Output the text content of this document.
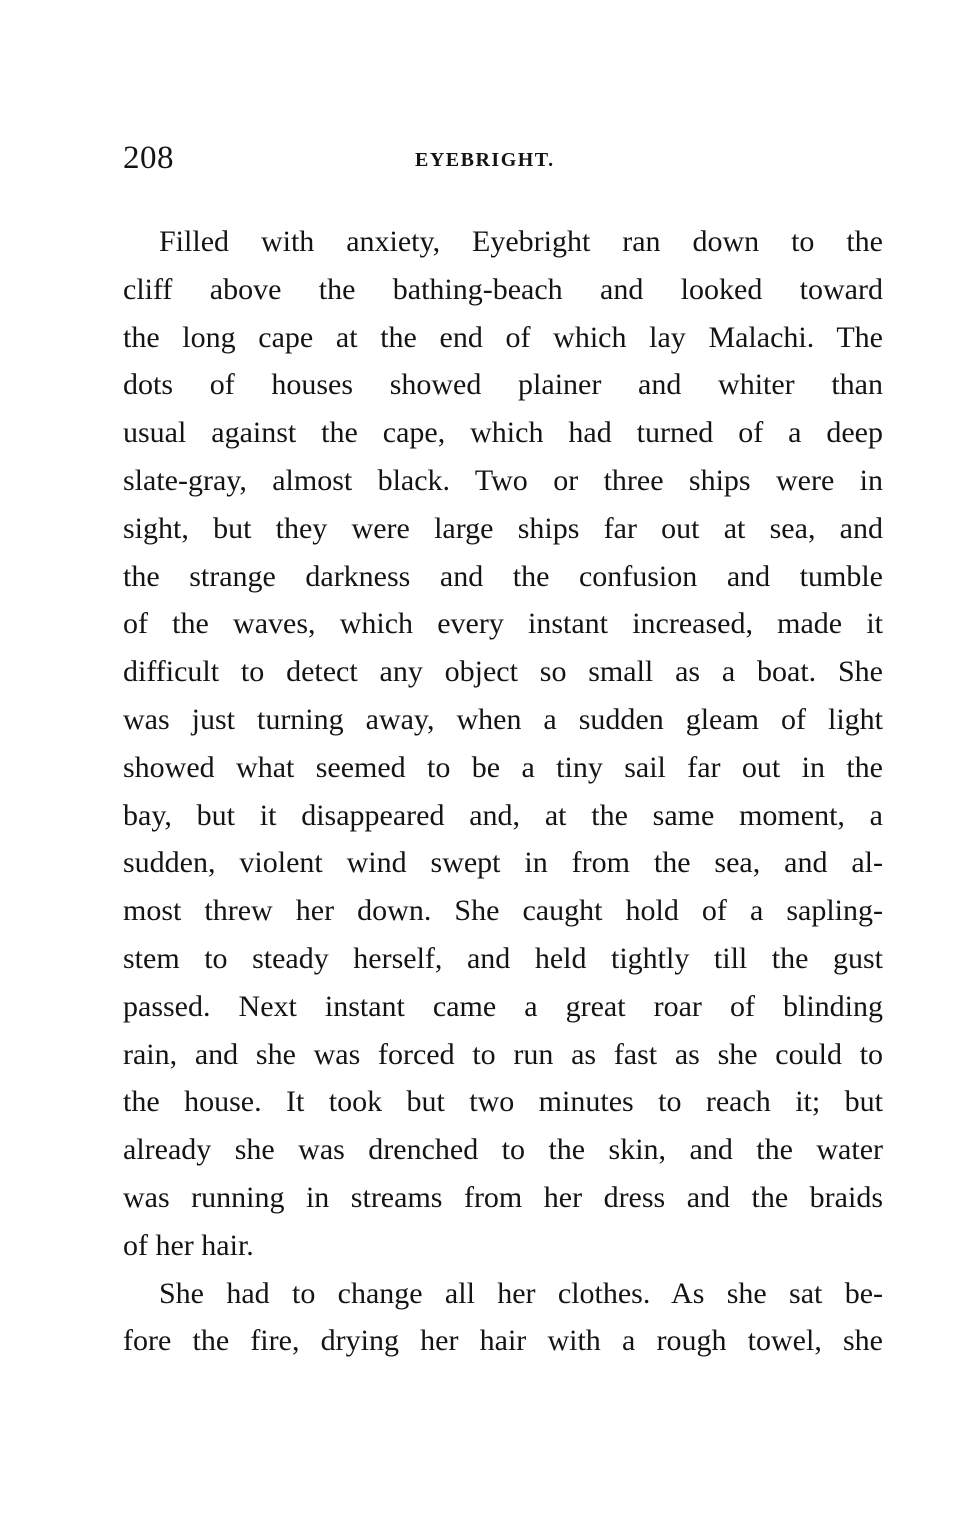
208	EYEBRIGHT.

Filled with anxiety, Eyebright ran down to the
cliff above the bathing-beach and looked toward
the long cape at the end of which lay Malachi. The
dots of houses showed plainer and whiter than
usual against the cape, which had turned of a deep
slate-gray, almost black. Two or three ships were in
sight, but they were large ships far out at sea, and
the strange darkness and the confusion and tumble
of the waves, which every instant increased, made it
difficult to detect any object so small as a boat. She
was just turning away, when a sudden gleam of light
showed what seemed to be a tiny sail far out in the
bay, but it disappeared and, at the same moment, a
sudden, violent wind swept in from the sea, and al-
most threw her down. She caught hold of a sapling-
stem to steady herself, and held tightly till the gust
passed. Next instant came a great roar of blinding
rain, and she was forced to run as fast as she could to
the house. It took but two minutes to reach it; but
already she was drenched to the skin, and the water
was running in streams from her dress and the braids
of her hair.

She had to change all her clothes. As she sat be-
fore the fire, drying her hair with a rough towel, she
